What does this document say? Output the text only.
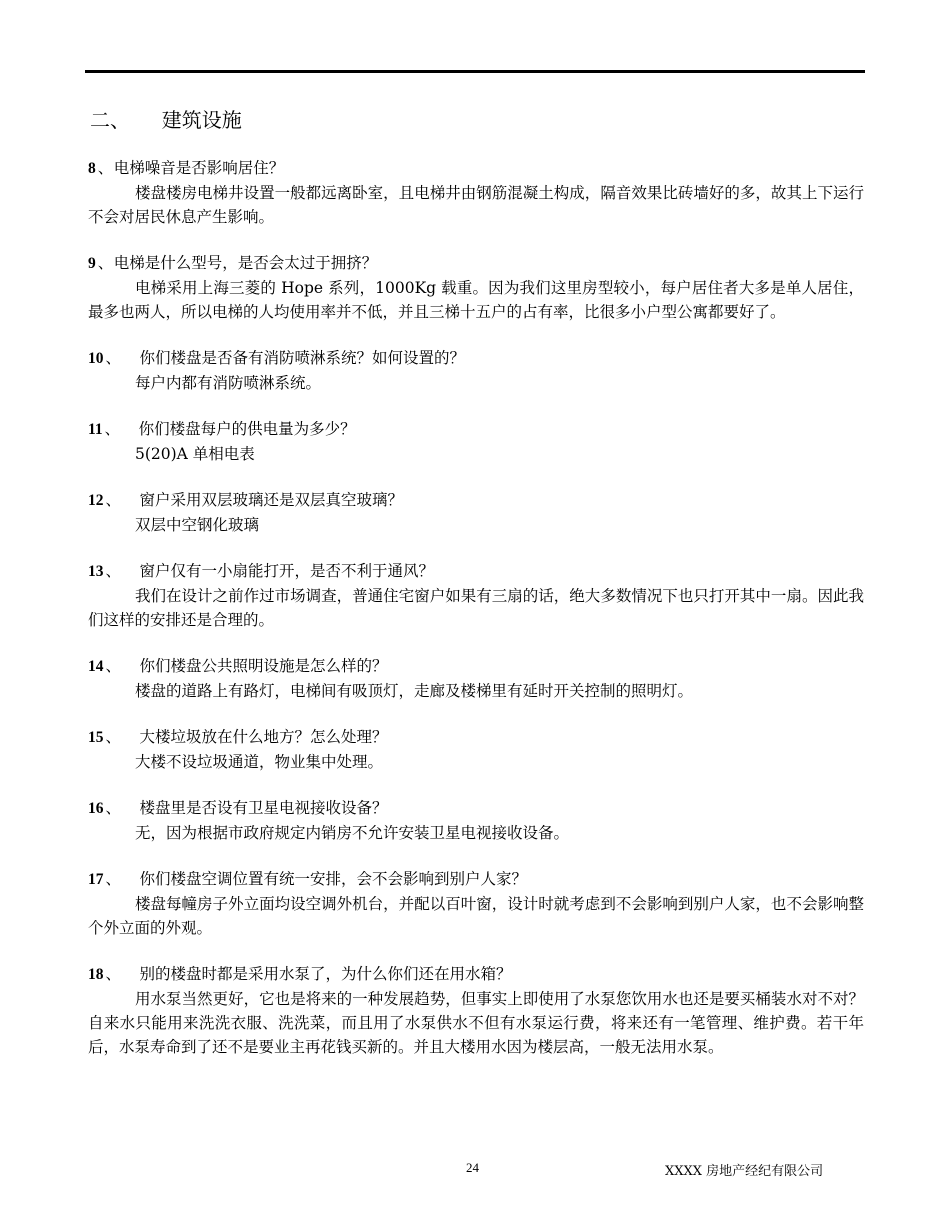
二、 建筑设施
8 、 电梯噪音是否影响居住？
楼盘楼房电梯井设置一般都远离卧室，且电梯井由钢筋混凝土构成，隔音效果比砖墙好的多，故其上下运行不会对居民休息产生影响。
9 、 电梯是什么型号，是否会太过于拥挤？
电梯采用上海三菱的 Hope 系列，1000Kg 载重。因为我们这里房型较小，每户居住者大多是单人居住，最多也两人，所以电梯的人均使用率并不低，并且三梯十五户的占有率，比很多小户型公寓都要好了。
10 、	你们楼盘是否备有消防喷淋系统？如何设置的？
每户内都有消防喷淋系统。
11 、	你们楼盘每户的供电量为多少？
5(20)A 单相电表
12 、	窗户采用双层玻璃还是双层真空玻璃？
双层中空钢化玻璃
13 、	窗户仅有一小扇能打开，是否不利于通风？
我们在设计之前作过市场调查，普通住宅窗户如果有三扇的话，绝大多数情况下也只打开其中一扇。因此我们这样的安排还是合理的。
14 、	你们楼盘公共照明设施是怎么样的？
楼盘的道路上有路灯，电梯间有吸顶灯，走廊及楼梯里有延时开关控制的照明灯。
15 、	大楼垃圾放在什么地方？怎么处理？
大楼不设垃圾通道，物业集中处理。
16 、	楼盘里是否设有卫星电视接收设备？
无，因为根据市政府规定内销房不允许安装卫星电视接收设备。
17 、	你们楼盘空调位置有统一安排，会不会影响到别户人家？
楼盘每幢房子外立面均设空调外机台，并配以百叶窗，设计时就考虑到不会影响到别户人家，也不会影响整个外立面的外观。
18 、	别的楼盘时都是采用水泵了，为什么你们还在用水箱？
用水泵当然更好，它也是将来的一种发展趋势，但事实上即使用了水泵您饮用水也还是要买桶装水对不对？自来水只能用来洗洗衣服、洗洗菜，而且用了水泵供水不但有水泵运行费，将来还有一笔管理、维护费。若干年后，水泵寿命到了还不是要业主再花钱买新的。并且大楼用水因为楼层高，一般无法用水泵。
24	XXXX 房地产经纪有限公司
